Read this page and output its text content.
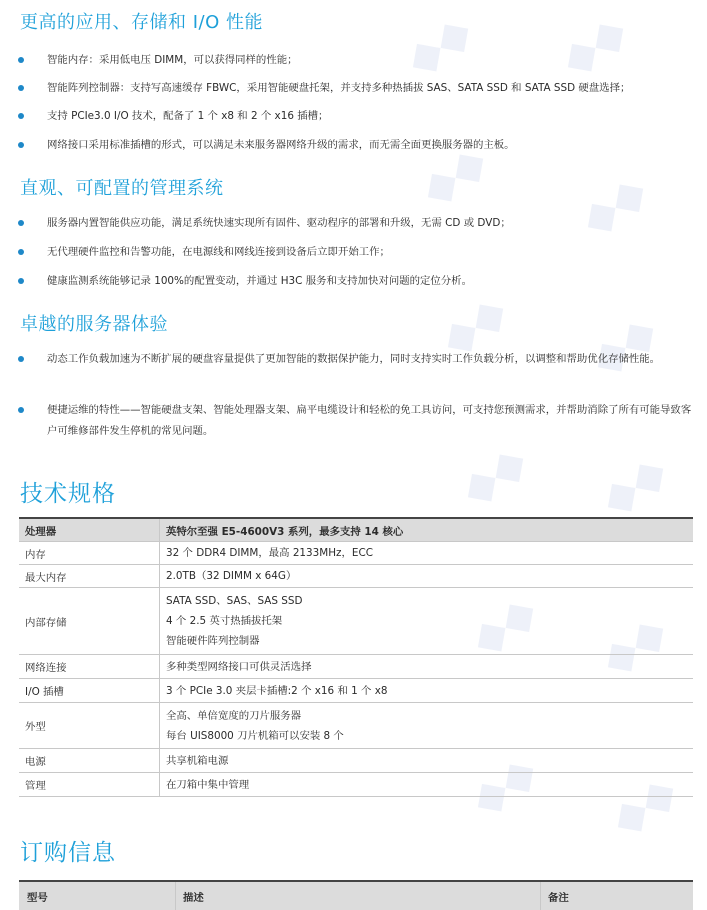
◆◆ ◆◆
◆◆ ◆◆
◆◆ ◆◆
◆◆ ◆◆
◆◆ ◆◆
◆◆ ◆◆
更高的应用、存储和 I/O 性能
智能内存：采用低电压 DIMM，可以获得同样的性能；
智能阵列控制器：支持写高速缓存 FBWC，采用智能硬盘托架，并支持多种热插拔 SAS、SATA SSD 和 SATA SSD 硬盘选择；
支持 PCIe3.0 I/O 技术，配备了 1 个 x8 和 2 个 x16 插槽；
网络接口采用标准插槽的形式，可以满足未来服务器网络升级的需求，而无需全面更换服务器的主板。
直观、可配置的管理系统
服务器内置智能供应功能，满足系统快速实现所有固件、驱动程序的部署和升级，无需 CD 或 DVD；
无代理硬件监控和告警功能，在电源线和网线连接到设备后立即开始工作；
健康监测系统能够记录 100%的配置变动，并通过 H3C 服务和支持加快对问题的定位分析。
卓越的服务器体验
动态工作负载加速为不断扩展的硬盘容量提供了更加智能的数据保护能力，同时支持实时工作负载分析，以调整和帮助优化存储性能。
便捷运维的特性——智能硬盘支架、智能处理器支架、扁平电缆设计和轻松的免工具访问，可支持您预测需求，并帮助消除了所有可能导致客户可维修部件发生停机的常见问题。
技术规格
处理器	英特尔至强 E5-4600V3 系列，最多支持 14 核心
内存	32 个 DDR4 DIMM，最高 2133MHz，ECC

最大内存	2.0TB（32 DIMM x 64G）

内部存储	SATA SSD、SAS、SAS SSD
4 个 2.5 英寸热插拔托架
智能硬件阵列控制器

网络连接	多种类型网络接口可供灵活选择

I/O 插槽	3 个 PCIe 3.0 夹层卡插槽:2 个 x16 和 1 个 x8

外型	全高、单倍宽度的刀片服务器
每台 UIS8000 刀片机箱可以安装 8 个

电源	共享机箱电源

管理	在刀箱中集中管理
订购信息
型号	描述	备注
